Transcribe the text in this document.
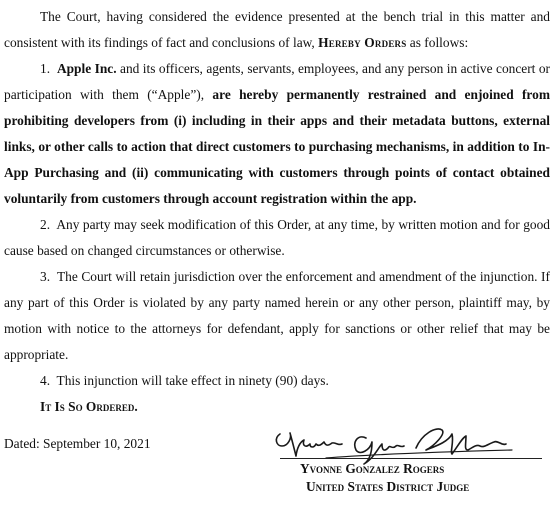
The Court, having considered the evidence presented at the bench trial in this matter and consistent with its findings of fact and conclusions of law, Hereby Orders as follows:

1. Apple Inc. and its officers, agents, servants, employees, and any person in active concert or participation with them (“Apple”), are hereby permanently restrained and enjoined from prohibiting developers from (i) including in their apps and their metadata buttons, external links, or other calls to action that direct customers to purchasing mechanisms, in addition to In-App Purchasing and (ii) communicating with customers through points of contact obtained voluntarily from customers through account registration within the app.

2. Any party may seek modification of this Order, at any time, by written motion and for good cause based on changed circumstances or otherwise.

3. The Court will retain jurisdiction over the enforcement and amendment of the injunction. If any part of this Order is violated by any party named herein or any other person, plaintiff may, by motion with notice to the attorneys for defendant, apply for sanctions or other relief that may be appropriate.

4. This injunction will take effect in ninety (90) days.

It Is So Ordered.

Dated: September 10, 2021
Yvonne Gonzalez Rogers
United States District Judge
